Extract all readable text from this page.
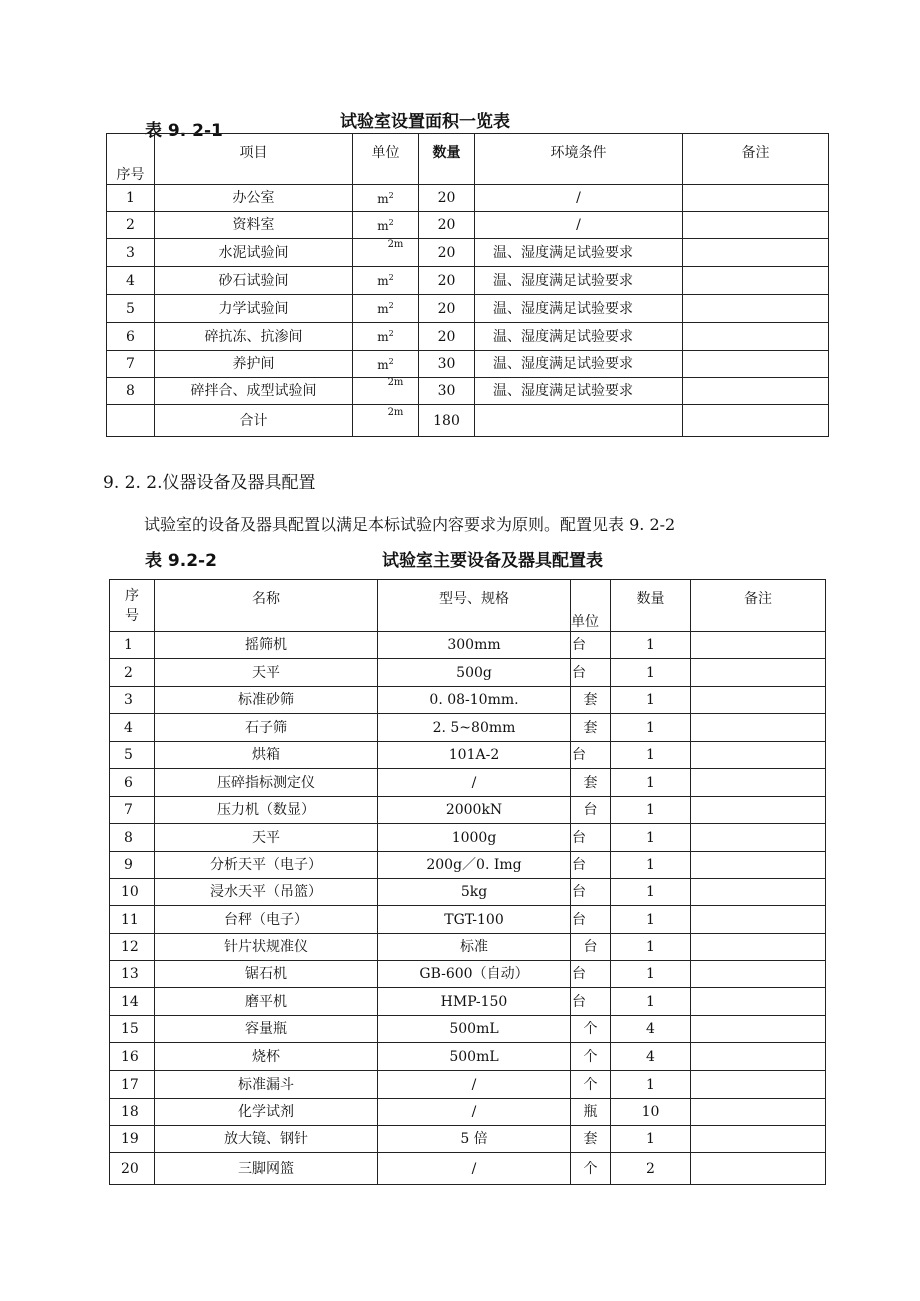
表 9. 2-1	试验室设置面积一览表
序号	项目	单位	数量	环境条件	备注
1	办公室	$m^2$	20	/	
2	资料室	$m^2$	20	/	
3	水泥试验间	$^{2m}$	20	温、湿度满足试验要求	
4	砂石试验间	$m^2$	20	温、湿度满足试验要求	
5	力学试验间	$m^2$	20	温、湿度满足试验要求	
6	碎抗冻、抗渗间	$m^2$	20	温、湿度满足试验要求	
7	养护间	$m^2$	30	温、湿度满足试验要求	
8	碎拌合、成型试验间	$^{2m}$	30	温、湿度满足试验要求	
	合计	$^{2m}$	180		
9. 2. 2.仪器设备及器具配置
试验室的设备及器具配置以满足本标试验内容要求为原则。配置见表 9. 2-2
表 9.2-2	试验室主要设备及器具配置表
序
号	名称	型号、规格	单位	数量	备注
1	摇筛机	300mm	台	1	
2	天平	500g	台	1	
3	标准砂筛	0. 08-10mm.	套	1	
4	石子筛	2. 5~80mm	套	1	
5	烘箱	101A-2	台	1	
6	压碎指标测定仪	/	套	1	
7	压力机（数显）	2000kN	台	1	
8	天平	1000g	台	1	
9	分析天平（电子）	200g／0. Img	台	1	
10	浸水天平（吊篮）	5kg	台	1	
11	台秤（电子）	TGT-100	台	1	
12	针片状规准仪	标准	台	1	
13	锯石机	GB-600（自动）	台	1	
14	磨平机	HMP-150	台	1	
15	容量瓶	500mL	个	4	
16	烧杯	500mL	个	4	
17	标准漏斗	/	个	1	
18	化学试剂	/	瓶	10	
19	放大镜、钢针	5 倍	套	1	
20	三脚网篮	/	个	2	
